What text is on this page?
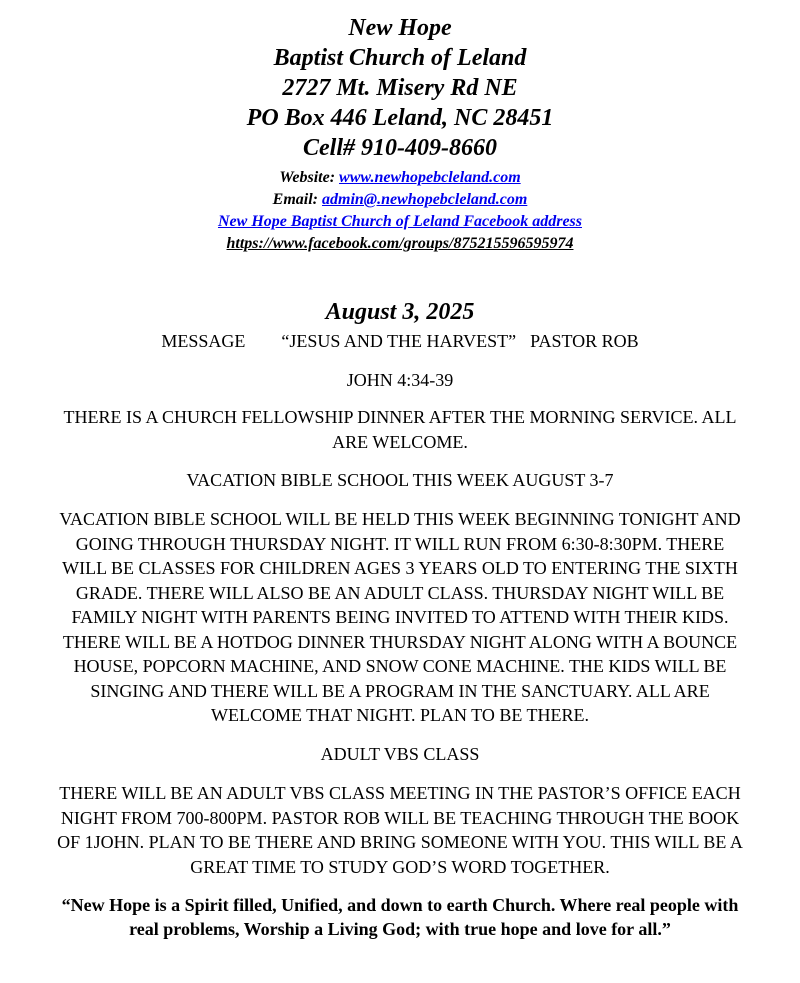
New Hope
Baptist Church of Leland
2727 Mt. Misery Rd NE
PO Box 446 Leland, NC 28451
Cell# 910-409-8660
Website: www.newhopebcleland.com
Email: admin@.newhopebcleland.com
New Hope Baptist Church of Leland Facebook address
https://www.facebook.com/groups/875215596595974
August 3, 2025
MESSAGE “JESUS AND THE HARVEST” PASTOR ROB
JOHN 4:34-39
THERE IS A CHURCH FELLOWSHIP DINNER AFTER THE MORNING SERVICE. ALL
ARE WELCOME.
VACATION BIBLE SCHOOL THIS WEEK AUGUST 3-7
VACATION BIBLE SCHOOL WILL BE HELD THIS WEEK BEGINNING TONIGHT AND
GOING THROUGH THURSDAY NIGHT. IT WILL RUN FROM 6:30-8:30PM. THERE
WILL BE CLASSES FOR CHILDREN AGES 3 YEARS OLD TO ENTERING THE SIXTH
GRADE. THERE WILL ALSO BE AN ADULT CLASS. THURSDAY NIGHT WILL BE
FAMILY NIGHT WITH PARENTS BEING INVITED TO ATTEND WITH THEIR KIDS.
THERE WILL BE A HOTDOG DINNER THURSDAY NIGHT ALONG WITH A BOUNCE
HOUSE, POPCORN MACHINE, AND SNOW CONE MACHINE. THE KIDS WILL BE
SINGING AND THERE WILL BE A PROGRAM IN THE SANCTUARY. ALL ARE
WELCOME THAT NIGHT. PLAN TO BE THERE.
ADULT VBS CLASS
THERE WILL BE AN ADULT VBS CLASS MEETING IN THE PASTOR’S OFFICE EACH
NIGHT FROM 700-800PM. PASTOR ROB WILL BE TEACHING THROUGH THE BOOK
OF 1JOHN. PLAN TO BE THERE AND BRING SOMEONE WITH YOU. THIS WILL BE A
GREAT TIME TO STUDY GOD’S WORD TOGETHER.
“New Hope is a Spirit filled, Unified, and down to earth Church. Where real people with
real problems, Worship a Living God; with true hope and love for all.”
